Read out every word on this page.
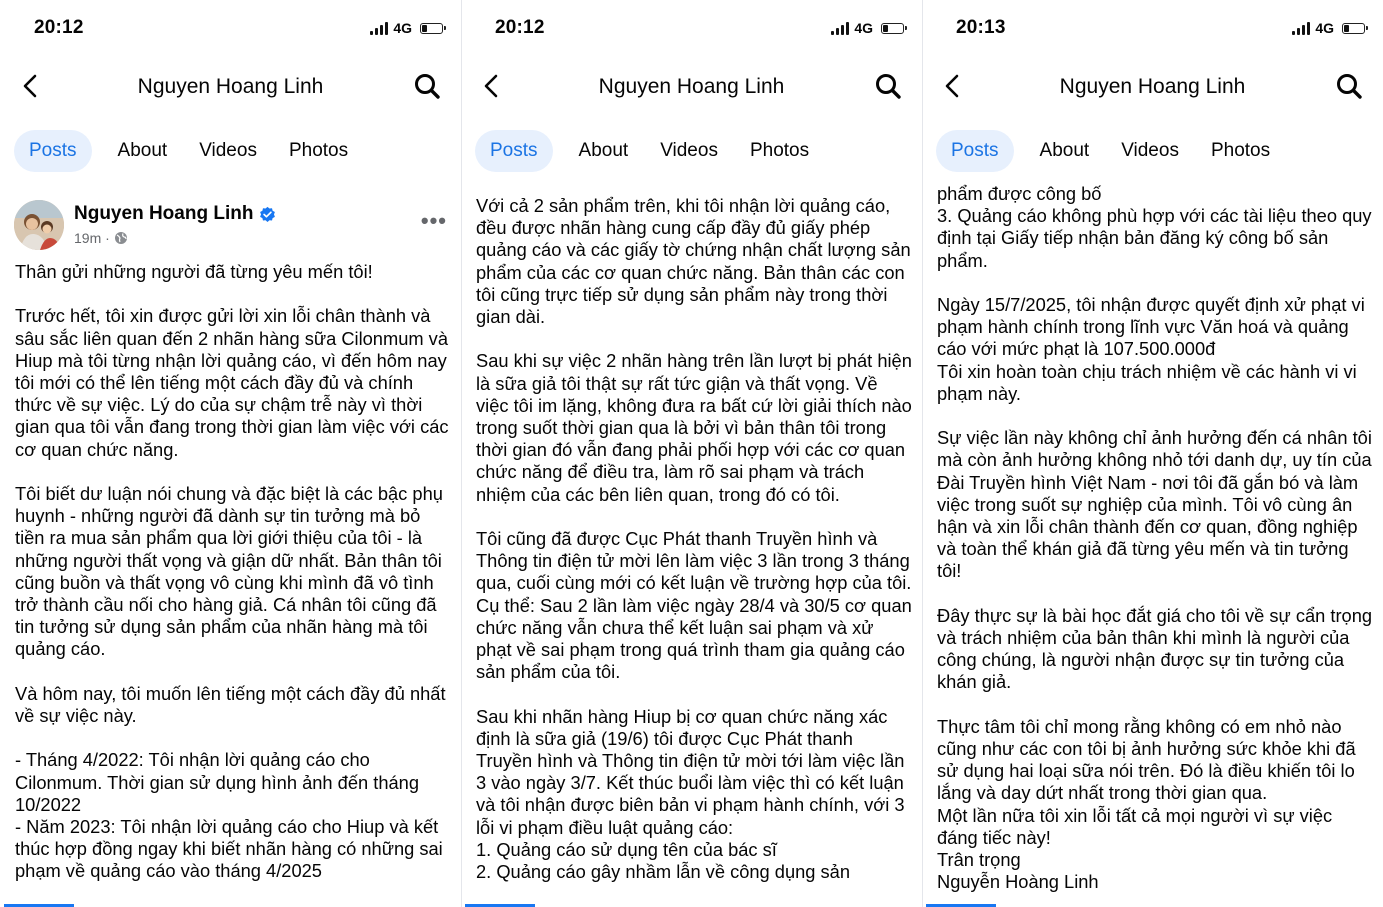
20:12	4G
Nguyen Hoang Linh
Posts	About	Videos	Photos
Nguyen Hoang Linh
19m ·
•••

Thân gửi những người đã từng yêu mến tôi!

Trước hết, tôi xin được gửi lời xin lỗi chân thành và sâu sắc liên quan đến 2 nhãn hàng sữa Cilonmum và Hiup mà tôi từng nhận lời quảng cáo, vì đến hôm nay tôi mới có thể lên tiếng một cách đầy đủ và chính thức về sự việc. Lý do của sự chậm trễ này vì thời gian qua tôi vẫn đang trong thời gian làm việc với các cơ quan chức năng.

Tôi biết dư luận nói chung và đặc biệt là các bậc phụ huynh - những người đã dành sự tin tưởng mà bỏ tiền ra mua sản phẩm qua lời giới thiệu của tôi - là những người thất vọng và giận dữ nhất. Bản thân tôi cũng buồn và thất vọng vô cùng khi mình đã vô tình trở thành cầu nối cho hàng giả. Cá nhân tôi cũng đã tin tưởng sử dụng sản phẩm của nhãn hàng mà tôi quảng cáo.

Và hôm nay, tôi muốn lên tiếng một cách đầy đủ nhất về sự việc này.

- Tháng 4/2022: Tôi nhận lời quảng cáo cho Cilonmum. Thời gian sử dụng hình ảnh đến tháng 10/2022
- Năm 2023: Tôi nhận lời quảng cáo cho Hiup và kết thúc hợp đồng ngay khi biết nhãn hàng có những sai phạm về quảng cáo vào tháng 4/2025

20:12	4G
Nguyen Hoang Linh
Posts	About	Videos	Photos

Với cả 2 sản phẩm trên, khi tôi nhận lời quảng cáo, đều được nhãn hàng cung cấp đầy đủ giấy phép quảng cáo và các giấy tờ chứng nhận chất lượng sản phẩm của các cơ quan chức năng. Bản thân các con tôi cũng trực tiếp sử dụng sản phẩm này trong thời gian dài.

Sau khi sự việc 2 nhãn hàng trên lần lượt bị phát hiện là sữa giả tôi thật sự rất tức giận và thất vọng. Về việc tôi im lặng, không đưa ra bất cứ lời giải thích nào trong suốt thời gian qua là bởi vì bản thân tôi trong thời gian đó vẫn đang phải phối hợp với các cơ quan chức năng để điều tra, làm rõ sai phạm và trách nhiệm của các bên liên quan, trong đó có tôi.

Tôi cũng đã được Cục Phát thanh Truyền hình và Thông tin điện tử mời lên làm việc 3 lần trong 3 tháng qua, cuối cùng mới có kết luận về trường hợp của tôi. Cụ thể: Sau 2 lần làm việc ngày 28/4 và 30/5 cơ quan chức năng vẫn chưa thể kết luận sai phạm và xử phạt về sai phạm trong quá trình tham gia quảng cáo sản phẩm của tôi.

Sau khi nhãn hàng Hiup bị cơ quan chức năng xác định là sữa giả (19/6) tôi được Cục Phát thanh Truyền hình và Thông tin điện tử mời tới làm việc lần 3 vào ngày 3/7. Kết thúc buổi làm việc thì có kết luận và tôi nhận được biên bản vi phạm hành chính, với 3 lỗi vi phạm điều luật quảng cáo:
1. Quảng cáo sử dụng tên của bác sĩ
2. Quảng cáo gây nhầm lẫn về công dụng sản

20:13	4G
Nguyen Hoang Linh
Posts	About	Videos	Photos

phẩm được công bố
3. Quảng cáo không phù hợp với các tài liệu theo quy định tại Giấy tiếp nhận bản đăng ký công bố sản phẩm.

Ngày 15/7/2025, tôi nhận được quyết định xử phạt vi phạm hành chính trong lĩnh vực Văn hoá và quảng cáo với mức phạt là 107.500.000đ
Tôi xin hoàn toàn chịu trách nhiệm về các hành vi vi phạm này.

Sự việc lần này không chỉ ảnh hưởng đến cá nhân tôi mà còn ảnh hưởng không nhỏ tới danh dự, uy tín của Đài Truyền hình Việt Nam - nơi tôi đã gắn bó và làm việc trong suốt sự nghiệp của mình. Tôi vô cùng ân hận và xin lỗi chân thành đến cơ quan, đồng nghiệp và toàn thể khán giả đã từng yêu mến và tin tưởng tôi!

Đây thực sự là bài học đắt giá cho tôi về sự cẩn trọng và trách nhiệm của bản thân khi mình là người của công chúng, là người nhận được sự tin tưởng của khán giả.

Thực tâm tôi chỉ mong rằng không có em nhỏ nào cũng như các con tôi bị ảnh hưởng sức khỏe khi đã sử dụng hai loại sữa nói trên. Đó là điều khiến tôi lo lắng và day dứt nhất trong thời gian qua.
Một lần nữa tôi xin lỗi tất cả mọi người vì sự việc đáng tiếc này!
Trân trọng
Nguyễn Hoàng Linh
